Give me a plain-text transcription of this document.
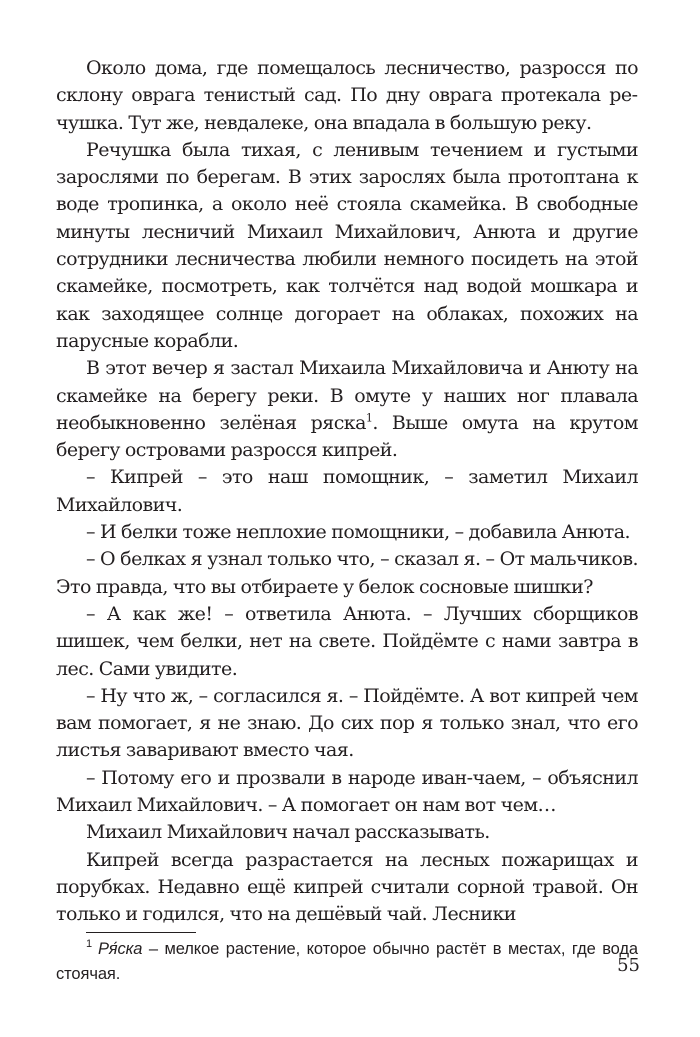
Около дома, где помещалось лесничество, разросся по склону оврага тенистый сад. По дну оврага протекала речушка. Тут же, невдалеке, она впадала в большую реку.

Речушка была тихая, с ленивым течением и густыми зарослями по берегам. В этих зарослях была протоптана к воде тропинка, а около неё стояла скамейка. В свободные минуты лесничий Михаил Михайлович, Анюта и другие сотрудники лесничества любили немного посидеть на этой скамейке, посмотреть, как толчётся над водой мошкара и как заходящее солнце догорает на облаках, похожих на парусные корабли.

В этот вечер я застал Михаила Михайловича и Анюту на скамейке на берегу реки. В омуте у наших ног плавала необыкновенно зелёная ряска$^1$. Выше омута на крутом берегу островами разросся кипрей.

– Кипрей – это наш помощник, – заметил Михаил Михайлович.

– И белки тоже неплохие помощники, – добавила Анюта.

– О белках я узнал только что, – сказал я. – От мальчиков. Это правда, что вы отбираете у белок сосновые шишки?

– А как же! – ответила Анюта. – Лучших сборщиков шишек, чем белки, нет на свете. Пойдёмте с нами завтра в лес. Сами увидите.

– Ну что ж, – согласился я. – Пойдёмте. А вот кипрей чем вам помогает, я не знаю. До сих пор я только знал, что его листья заваривают вместо чая.

– Потому его и прозвали в народе иван-чаем, – объяснил Михаил Михайлович. – А помогает он нам вот чем…

Михаил Михайлович начал рассказывать.

Кипрей всегда разрастается на лесных пожарищах и порубках. Недавно ещё кипрей считали сорной травой. Он только и годился, что на дешёвый чай. Лесники

$^1$ Ря́ска – мелкое растение, которое обычно растёт в местах, где вода стоячая.	55
